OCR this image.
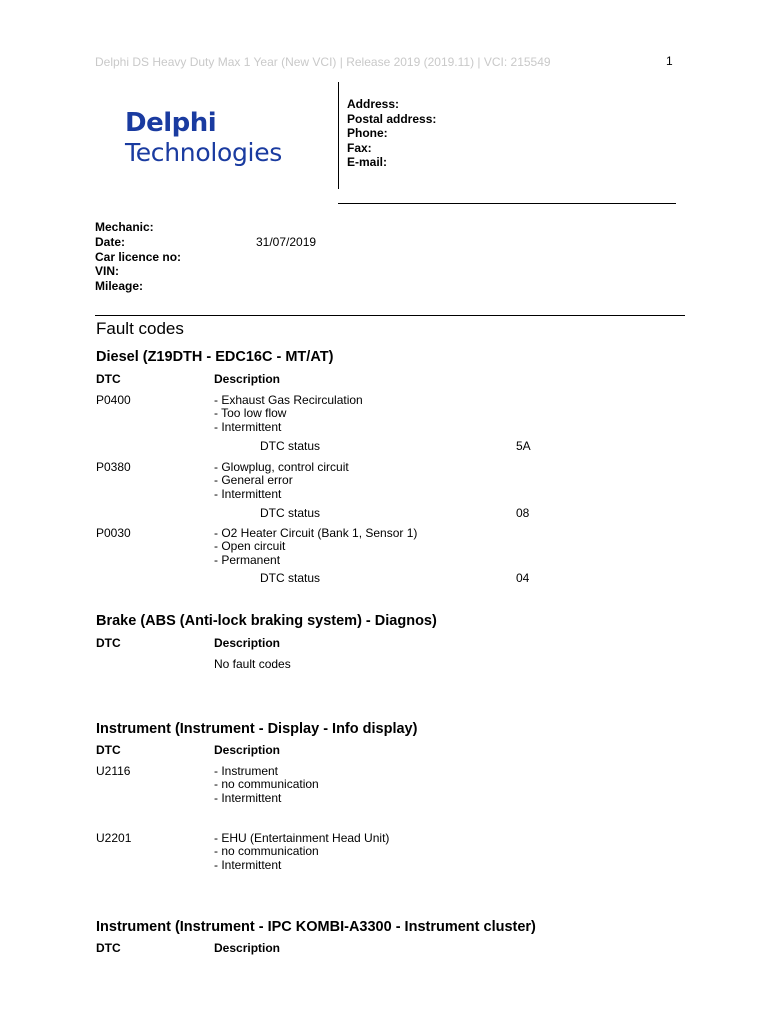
Delphi DS Heavy Duty Max 1 Year (New VCI) | Release 2019 (2019.11) | VCI: 215549	1
Delphi
Technologies
Address:
Postal address:
Phone:
Fax:
E-mail:
Mechanic:
Date:	31/07/2019
Car licence no:
VIN:
Mileage:
Fault codes
Diesel (Z19DTH - EDC16C - MT/AT)
DTC	Description
P0400	- Exhaust Gas Recirculation
- Too low flow
- Intermittent
DTC status	5A
P0380	- Glowplug, control circuit
- General error
- Intermittent
DTC status	08
P0030	- O2 Heater Circuit (Bank 1, Sensor 1)
- Open circuit
- Permanent
DTC status	04
Brake (ABS (Anti-lock braking system) - Diagnos)
DTC	Description
No fault codes
Instrument (Instrument - Display - Info display)
DTC	Description
U2116	- Instrument
- no communication
- Intermittent
U2201	- EHU (Entertainment Head Unit)
- no communication
- Intermittent
Instrument (Instrument - IPC KOMBI-A3300 - Instrument cluster)
DTC	Description
